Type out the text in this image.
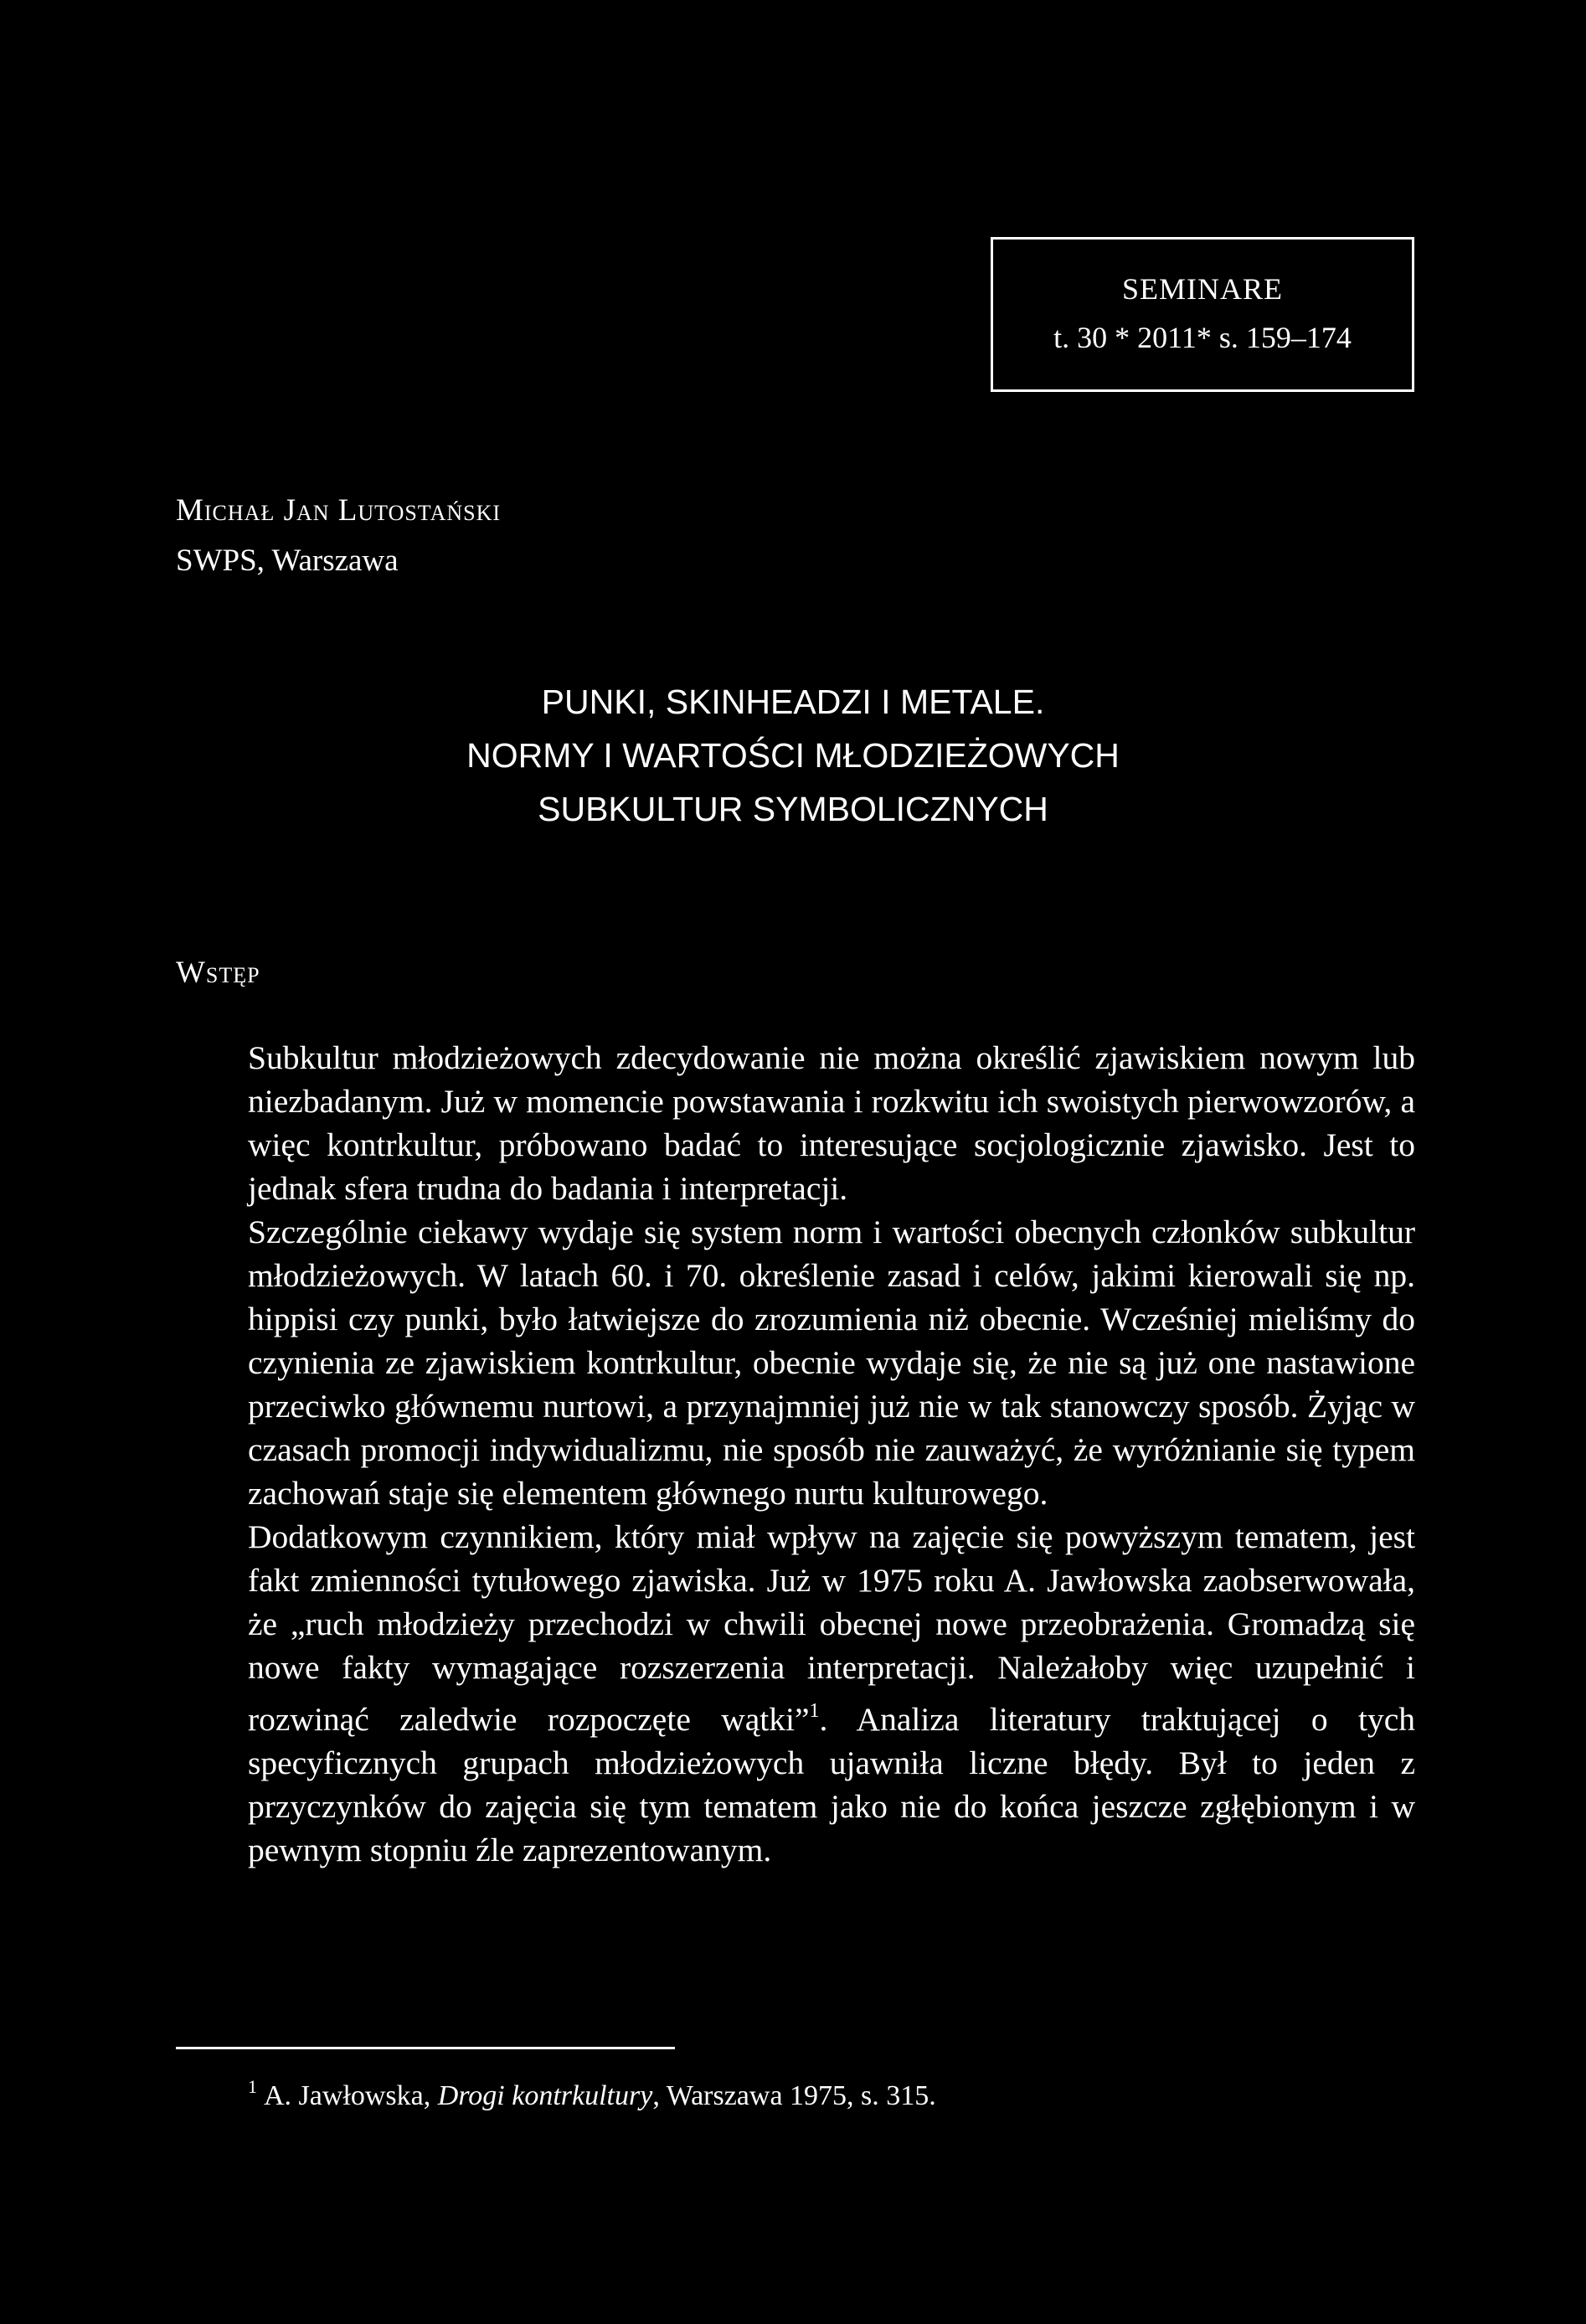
SEMINARE
t. 30 * 2011* s. 159–174
Michał Jan Lutostański
SWPS, Warszawa
PUNKI, SKINHEADZI I METALE.
NORMY I WARTOŚCI MŁODZIEŻOWYCH
SUBKULTUR SYMBOLICZNYCH
Wstęp

Subkultur młodzieżowych zdecydowanie nie można określić zjawiskiem nowym lub niezbadanym. Już w momencie powstawania i rozkwitu ich swoistych pierwowzorów, a więc kontrkultur, próbowano badać to interesujące socjologicznie zjawisko. Jest to jednak sfera trudna do badania i interpretacji.

Szczególnie ciekawy wydaje się system norm i wartości obecnych członków subkultur młodzieżowych. W latach 60. i 70. określenie zasad i celów, jakimi kierowali się np. hippisi czy punki, było łatwiejsze do zrozumienia niż obecnie. Wcześniej mieliśmy do czynienia ze zjawiskiem kontrkultur, obecnie wydaje się, że nie są już one nastawione przeciwko głównemu nurtowi, a przynajmniej już nie w tak stanowczy sposób. Żyjąc w czasach promocji indywidualizmu, nie sposób nie zauważyć, że wyróżnianie się typem zachowań staje się elementem głównego nurtu kulturowego.

Dodatkowym czynnikiem, który miał wpływ na zajęcie się powyższym tematem, jest fakt zmienności tytułowego zjawiska. Już w 1975 roku A. Jawłowska zaobserwowała, że „ruch młodzieży przechodzi w chwili obecnej nowe przeobrażenia. Gromadzą się nowe fakty wymagające rozszerzenia interpretacji. Należałoby więc uzupełnić i rozwinąć zaledwie rozpoczęte wątki”$^1$. Analiza literatury traktującej o tych specyficznych grupach młodzieżowych ujawniła liczne błędy. Był to jeden z przyczynków do zajęcia się tym tematem jako nie do końca jeszcze zgłębionym i w pewnym stopniu źle zaprezentowanym.

$^1$ A. Jawłowska, Drogi kontrkultury, Warszawa 1975, s. 315.
